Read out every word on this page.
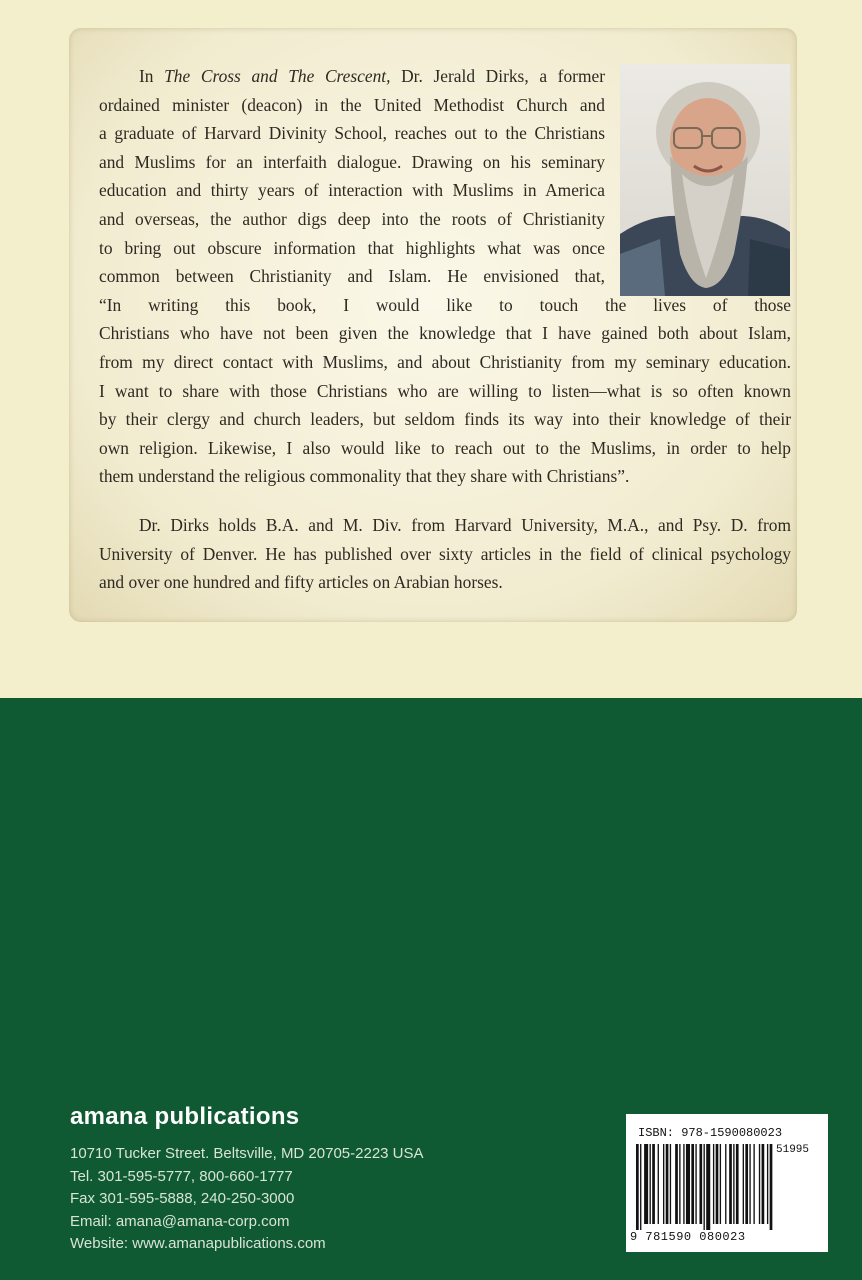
In The Cross and The Crescent, Dr. Jerald Dirks, a former
ordained minister (deacon) in the United Methodist Church and
a graduate of Harvard Divinity School, reaches out to the Christians
and Muslims for an interfaith dialogue. Drawing on his seminary
education and thirty years of interaction with Muslims in America
and overseas, the author digs deep into the roots of Christianity
to bring out obscure information that highlights what was once
common between Christianity and Islam. He envisioned that,
“In writing this book, I would like to touch the lives of those
Christians who have not been given the knowledge that I have gained both about Islam,
from my direct contact with Muslims, and about Christianity from my seminary education.
I want to share with those Christians who are willing to listen—what is so often known
by their clergy and church leaders, but seldom finds its way into their knowledge of their
own religion. Likewise, I also would like to reach out to the Muslims, in order to help
them understand the religious commonality that they share with Christians”.

Dr. Dirks holds B.A. and M. Div. from Harvard University, M.A., and Psy. D. from
University of Denver. He has published over sixty articles in the field of clinical psychology
and over one hundred and fifty articles on Arabian horses.

amana publications
10710 Tucker Street. Beltsville, MD 20705-2223 USA
Tel. 301-595-5777, 800-660-1777
Fax 301-595-5888, 240-250-3000
Email: amana@amana-corp.com
Website: www.amanapublications.com
ISBN: 978-1590080023
51995
9 781590 080023
